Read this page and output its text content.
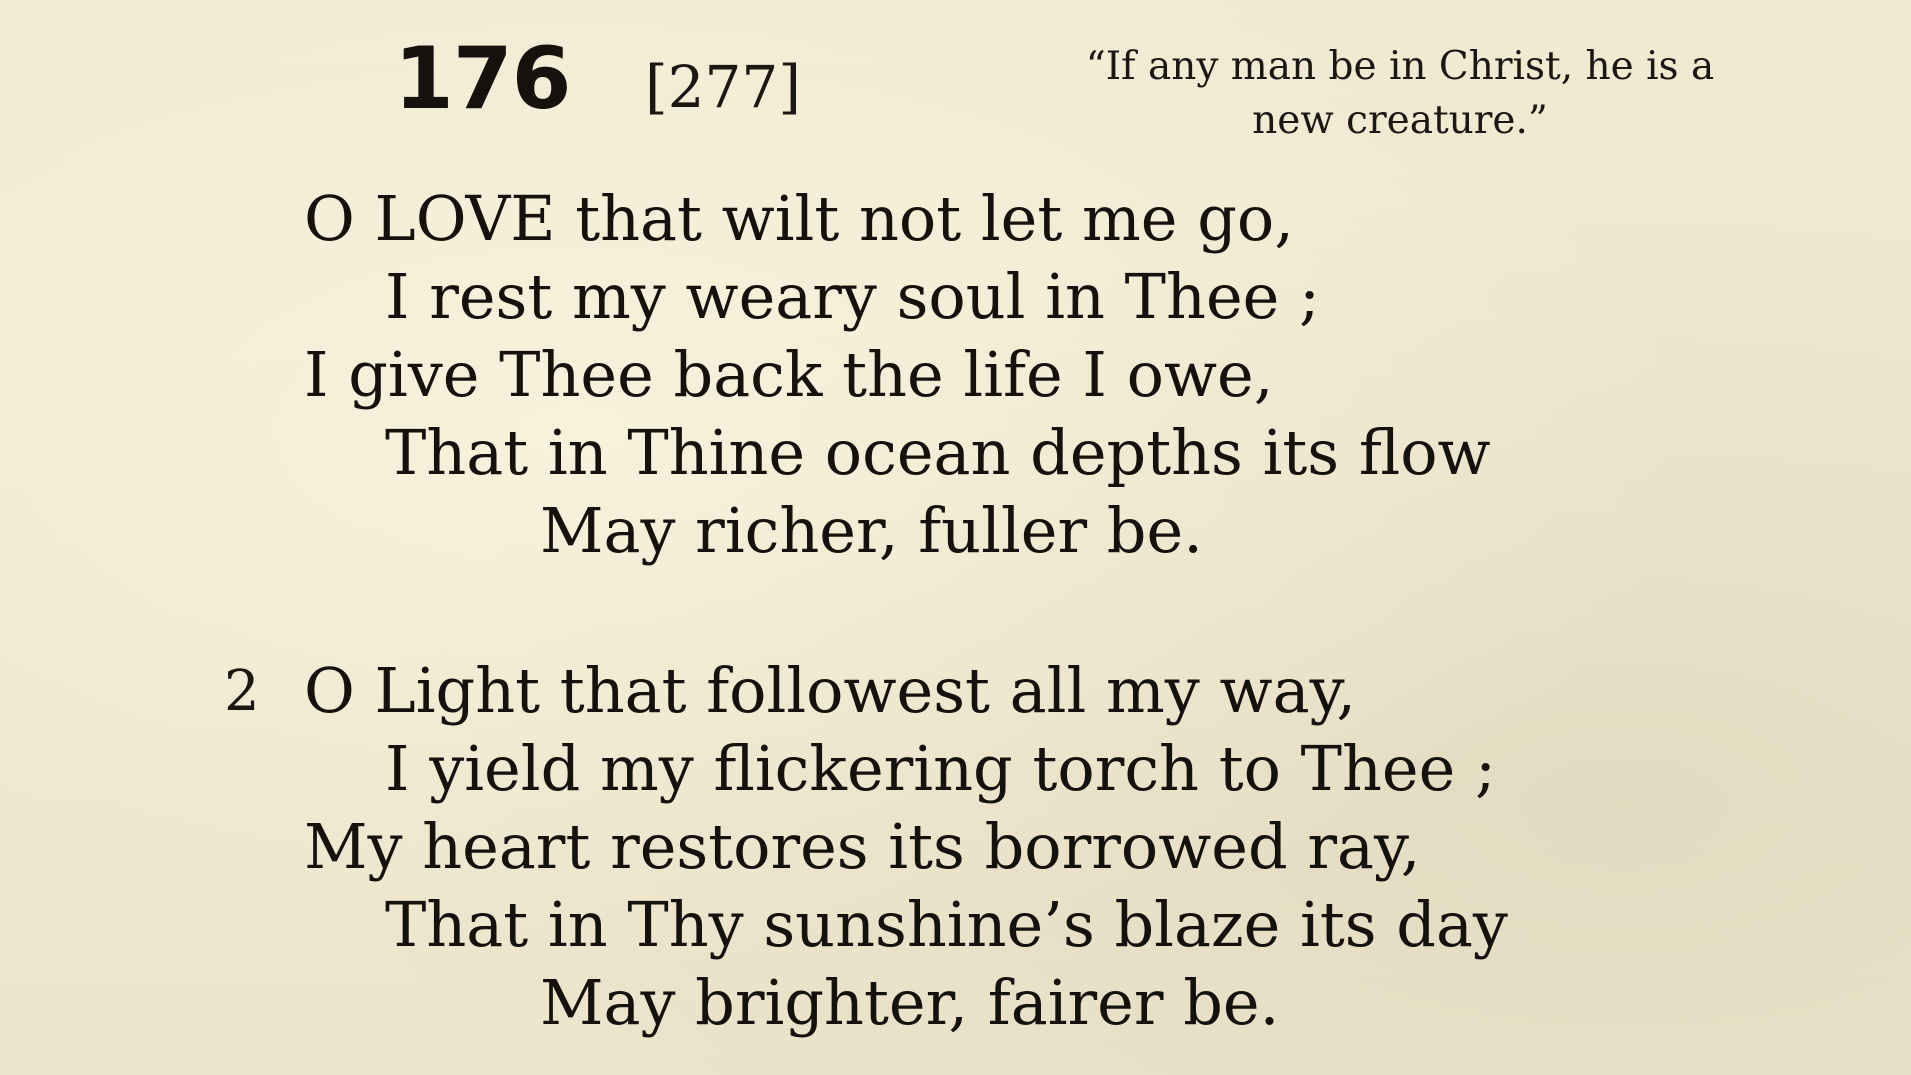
176 [277]	“If any man be in Christ, he is a
new creature.”
O LOVE that wilt not let me go,
I rest my weary soul in Thee ;
I give Thee back the life I owe,
That in Thine ocean depths its flow
May richer, fuller be.
2 O Light that followest all my way,
I yield my flickering torch to Thee ;
My heart restores its borrowed ray,
That in Thy sunshine’s blaze its day
May brighter, fairer be.
